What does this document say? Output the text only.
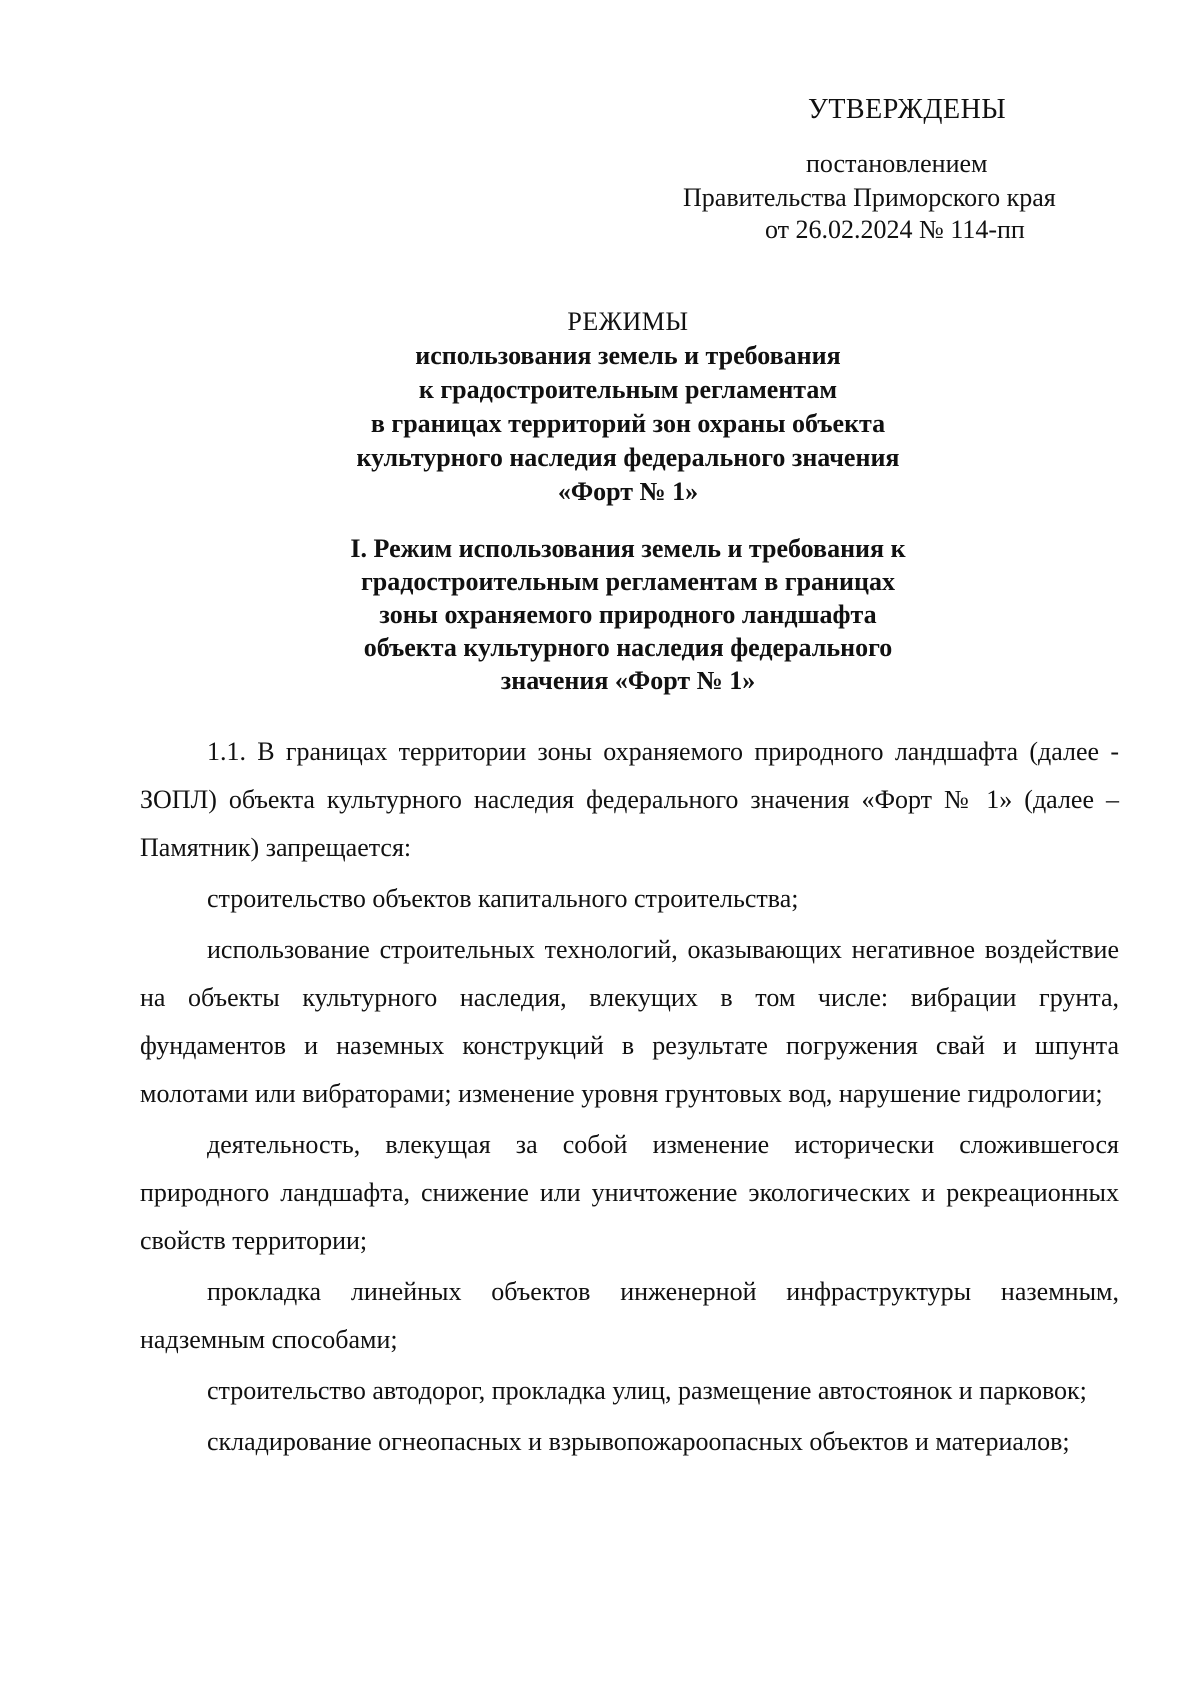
УТВЕРЖДЕНЫ
постановлением
Правительства Приморского края
от 26.02.2024 № 114-пп
РЕЖИМЫ
использования земель и требования
к градостроительным регламентам
в границах территорий зон охраны объекта
культурного наследия федерального значения
«Форт № 1»
I. Режим использования земель и требования к
градостроительным регламентам в границах
зоны охраняемого природного ландшафта
объекта культурного наследия федерального
значения «Форт № 1»

1.1. В границах территории зоны охраняемого природного ландшафта (далее - ЗОПЛ) объекта культурного наследия федерального значения «Форт № 1» (далее – Памятник) запрещается:

строительство объектов капитального строительства;

использование строительных технологий, оказывающих негативное воздействие на объекты культурного наследия, влекущих в том числе: вибрации грунта, фундаментов и наземных конструкций в результате погружения свай и шпунта молотами или вибраторами; изменение уровня грунтовых вод, нарушение гидрологии;

деятельность, влекущая за собой изменение исторически сложившегося природного ландшафта, снижение или уничтожение экологических и рекреационных свойств территории;

прокладка линейных объектов инженерной инфраструктуры наземным, надземным способами;

строительство автодорог, прокладка улиц, размещение автостоянок и парковок;

складирование огнеопасных и взрывопожароопасных объектов и материалов;
